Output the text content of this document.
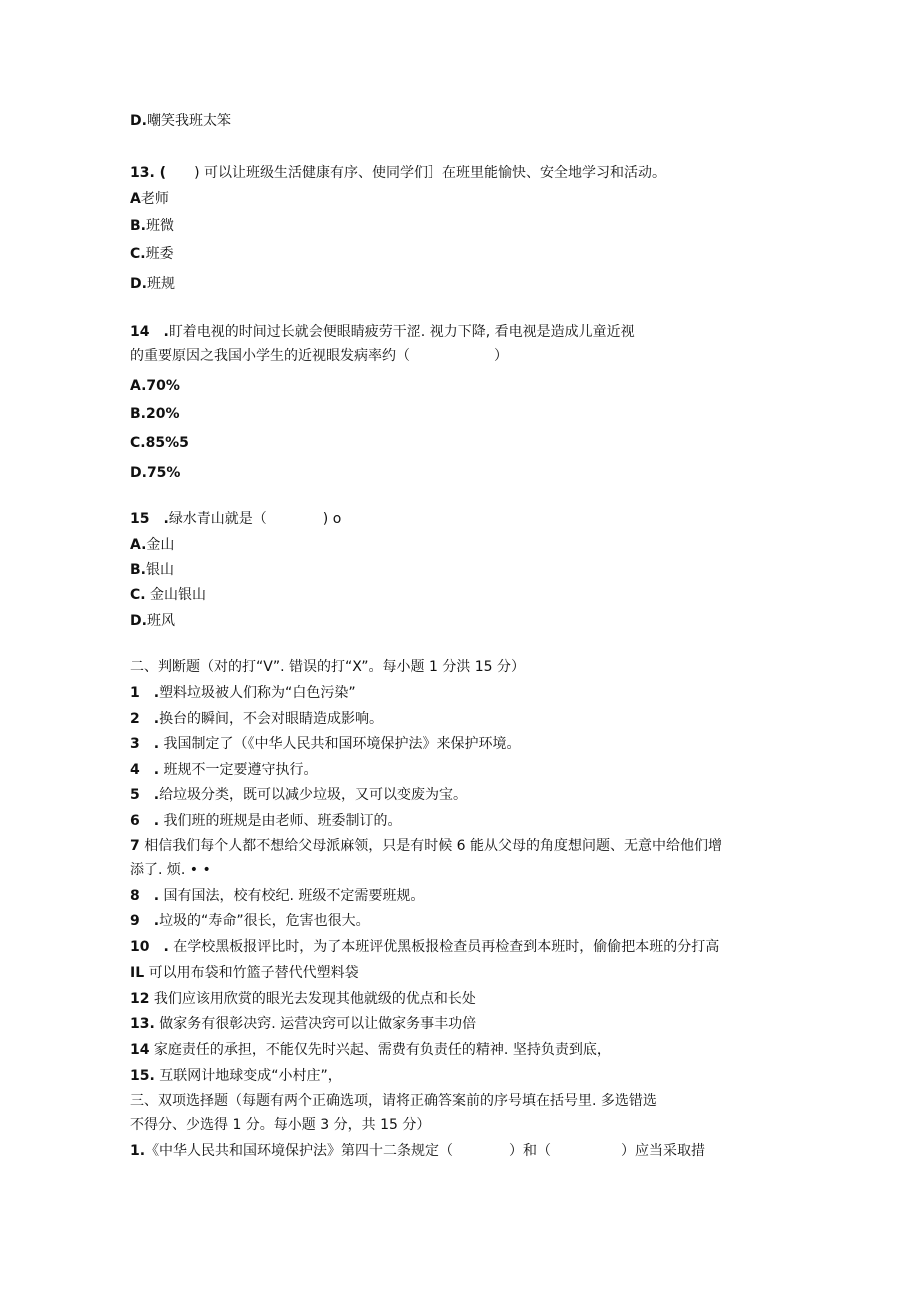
D.嘲笑我班太笨
13. (　　) 可以让班级生活健康有序、使同学们］在班里能愉快、安全地学习和活动。
A老师
B.班微
C.班委
D.班规
14　.盯着电视的时间过长就会便眼睛疲劳干涩. 视力下降, 看电视是造成儿童近视
的重要原因之我国小学生的近视眼发病率约（　　　　　　）
A.70%
B.20%
C.85%5
D.75%
15　.绿水青山就是（　　　　) o
A.金山
B.银山
C. 金山银山
D.班风
二、判断题（对的打“V”. 错误的打“X”。每小题 1 分洪 15 分）
1　.塑料垃圾被人们称为“白色污染”
2　.换台的瞬间，不会对眼睛造成影响。
3　. 我国制定了（《中华人民共和国环境保护法》来保护环境。
4　. 班规不一定要遵守执行。
5　.给垃圾分类，既可以减少垃圾，又可以变废为宝。
6　. 我们班的班规是由老师、班委制订的。
7 相信我们每个人都不想给父母派麻领，只是有时候 6 能从父母的角度想问题、无意中给他们增
添了. 烦. • •
8　. 国有国法，校有校纪. 班级不定需要班规。
9　.垃圾的“寿命”很长，危害也很大。
10　. 在学校黑板报评比时，为了本班评优黑板报检查员再检查到本班时，偷偷把本班的分打高
IL 可以用布袋和竹篮子替代代塑料袋
12 我们应该用欣赏的眼光去发现其他就级的优点和长处
13. 做家务有很彰决窍. 运营决窍可以让做家务事丰功倍
14 家庭责任的承担，不能仅先时兴起、需费有负责任的精神. 坚持负责到底，
15. 互联网计地球变成“小村庄”，
三、双项选择题（每题有两个正确选项，请将正确答案前的序号填在括号里. 多选错选
不得分、少选得 1 分。每小题 3 分，共 15 分）
1.《中华人民共和国环境保护法》第四十二条规定（　　　　）和（　　　　　）应当采取措
